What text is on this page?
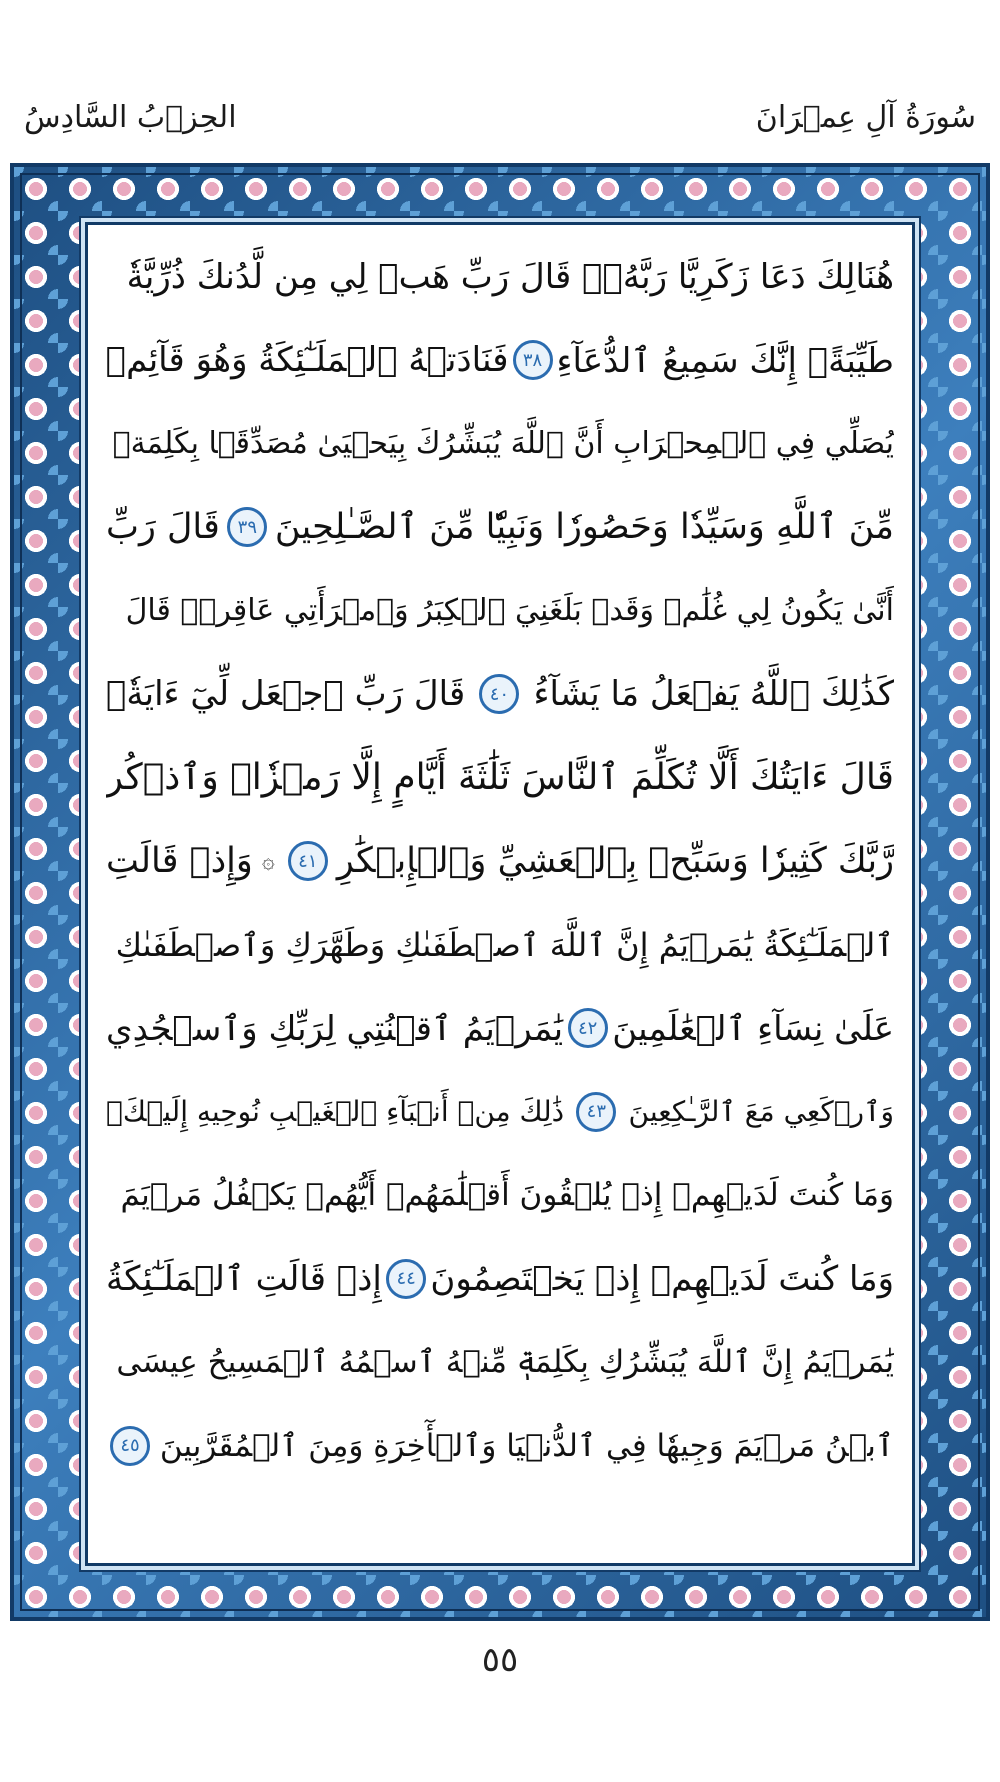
الحِزۡبُ السَّادِسُ	سُورَةُ آلِ عِمۡرَانَ
هُنَالِكَ دَعَا زَكَرِيَّا رَبَّهُۥۖ قَالَ رَبِّ هَبۡ لِي مِن لَّدُنكَ ذُرِّيَّةٗ
طَيِّبَةًۖ إِنَّكَ سَمِيعُ ٱلدُّعَآءِ
٣٨
فَنَادَتۡهُ ٱلۡمَلَـٰٓئِكَةُ وَهُوَ قَآئِمٞ
يُصَلِّي فِي ٱلۡمِحۡرَابِ أَنَّ ٱللَّهَ يُبَشِّرُكَ بِيَحۡيَىٰ مُصَدِّقَۢا بِكَلِمَةٖ
مِّنَ ٱللَّهِ وَسَيِّدٗا وَحَصُورٗا وَنَبِيّٗا مِّنَ ٱلصَّـٰلِحِينَ
٣٩
قَالَ رَبِّ
أَنَّىٰ يَكُونُ لِي غُلَٰمٞ وَقَدۡ بَلَغَنِيَ ٱلۡكِبَرُ وَٱمۡرَأَتِي عَاقِرٞۖ قَالَ
كَذَٰلِكَ ٱللَّهُ يَفۡعَلُ مَا يَشَآءُ
٤٠
قَالَ رَبِّ ٱجۡعَل لِّيٓ ءَايَةٗۖ
قَالَ ءَايَتُكَ أَلَّا تُكَلِّمَ ٱلنَّاسَ ثَلَٰثَةَ أَيَّامٍ إِلَّا رَمۡزٗاۗ وَٱذۡكُر
رَّبَّكَ كَثِيرٗا وَسَبِّحۡ بِٱلۡعَشِيِّ وَٱلۡإِبۡكَٰرِ
٤١
۞
وَإِذۡ قَالَتِ
ٱلۡمَلَـٰٓئِكَةُ يَٰمَرۡيَمُ إِنَّ ٱللَّهَ ٱصۡطَفَىٰكِ وَطَهَّرَكِ وَٱصۡطَفَىٰكِ
عَلَىٰ نِسَآءِ ٱلۡعَٰلَمِينَ
٤٢
يَٰمَرۡيَمُ ٱقۡنُتِي لِرَبِّكِ وَٱسۡجُدِي
وَٱرۡكَعِي مَعَ ٱلرَّـٰكِعِينَ
٤٣
ذَٰلِكَ مِنۡ أَنۢبَآءِ ٱلۡغَيۡبِ نُوحِيهِ إِلَيۡكَۚ
وَمَا كُنتَ لَدَيۡهِمۡ إِذۡ يُلۡقُونَ أَقۡلَٰمَهُمۡ أَيُّهُمۡ يَكۡفُلُ مَرۡيَمَ
وَمَا كُنتَ لَدَيۡهِمۡ إِذۡ يَخۡتَصِمُونَ
٤٤
إِذۡ قَالَتِ ٱلۡمَلَـٰٓئِكَةُ
يَٰمَرۡيَمُ إِنَّ ٱللَّهَ يُبَشِّرُكِ بِكَلِمَةٖ مِّنۡهُ ٱسۡمُهُ ٱلۡمَسِيحُ عِيسَى
ٱبۡنُ مَرۡيَمَ وَجِيهٗا فِي ٱلدُّنۡيَا وَٱلۡأٓخِرَةِ وَمِنَ ٱلۡمُقَرَّبِينَ
٤٥
٥٥
